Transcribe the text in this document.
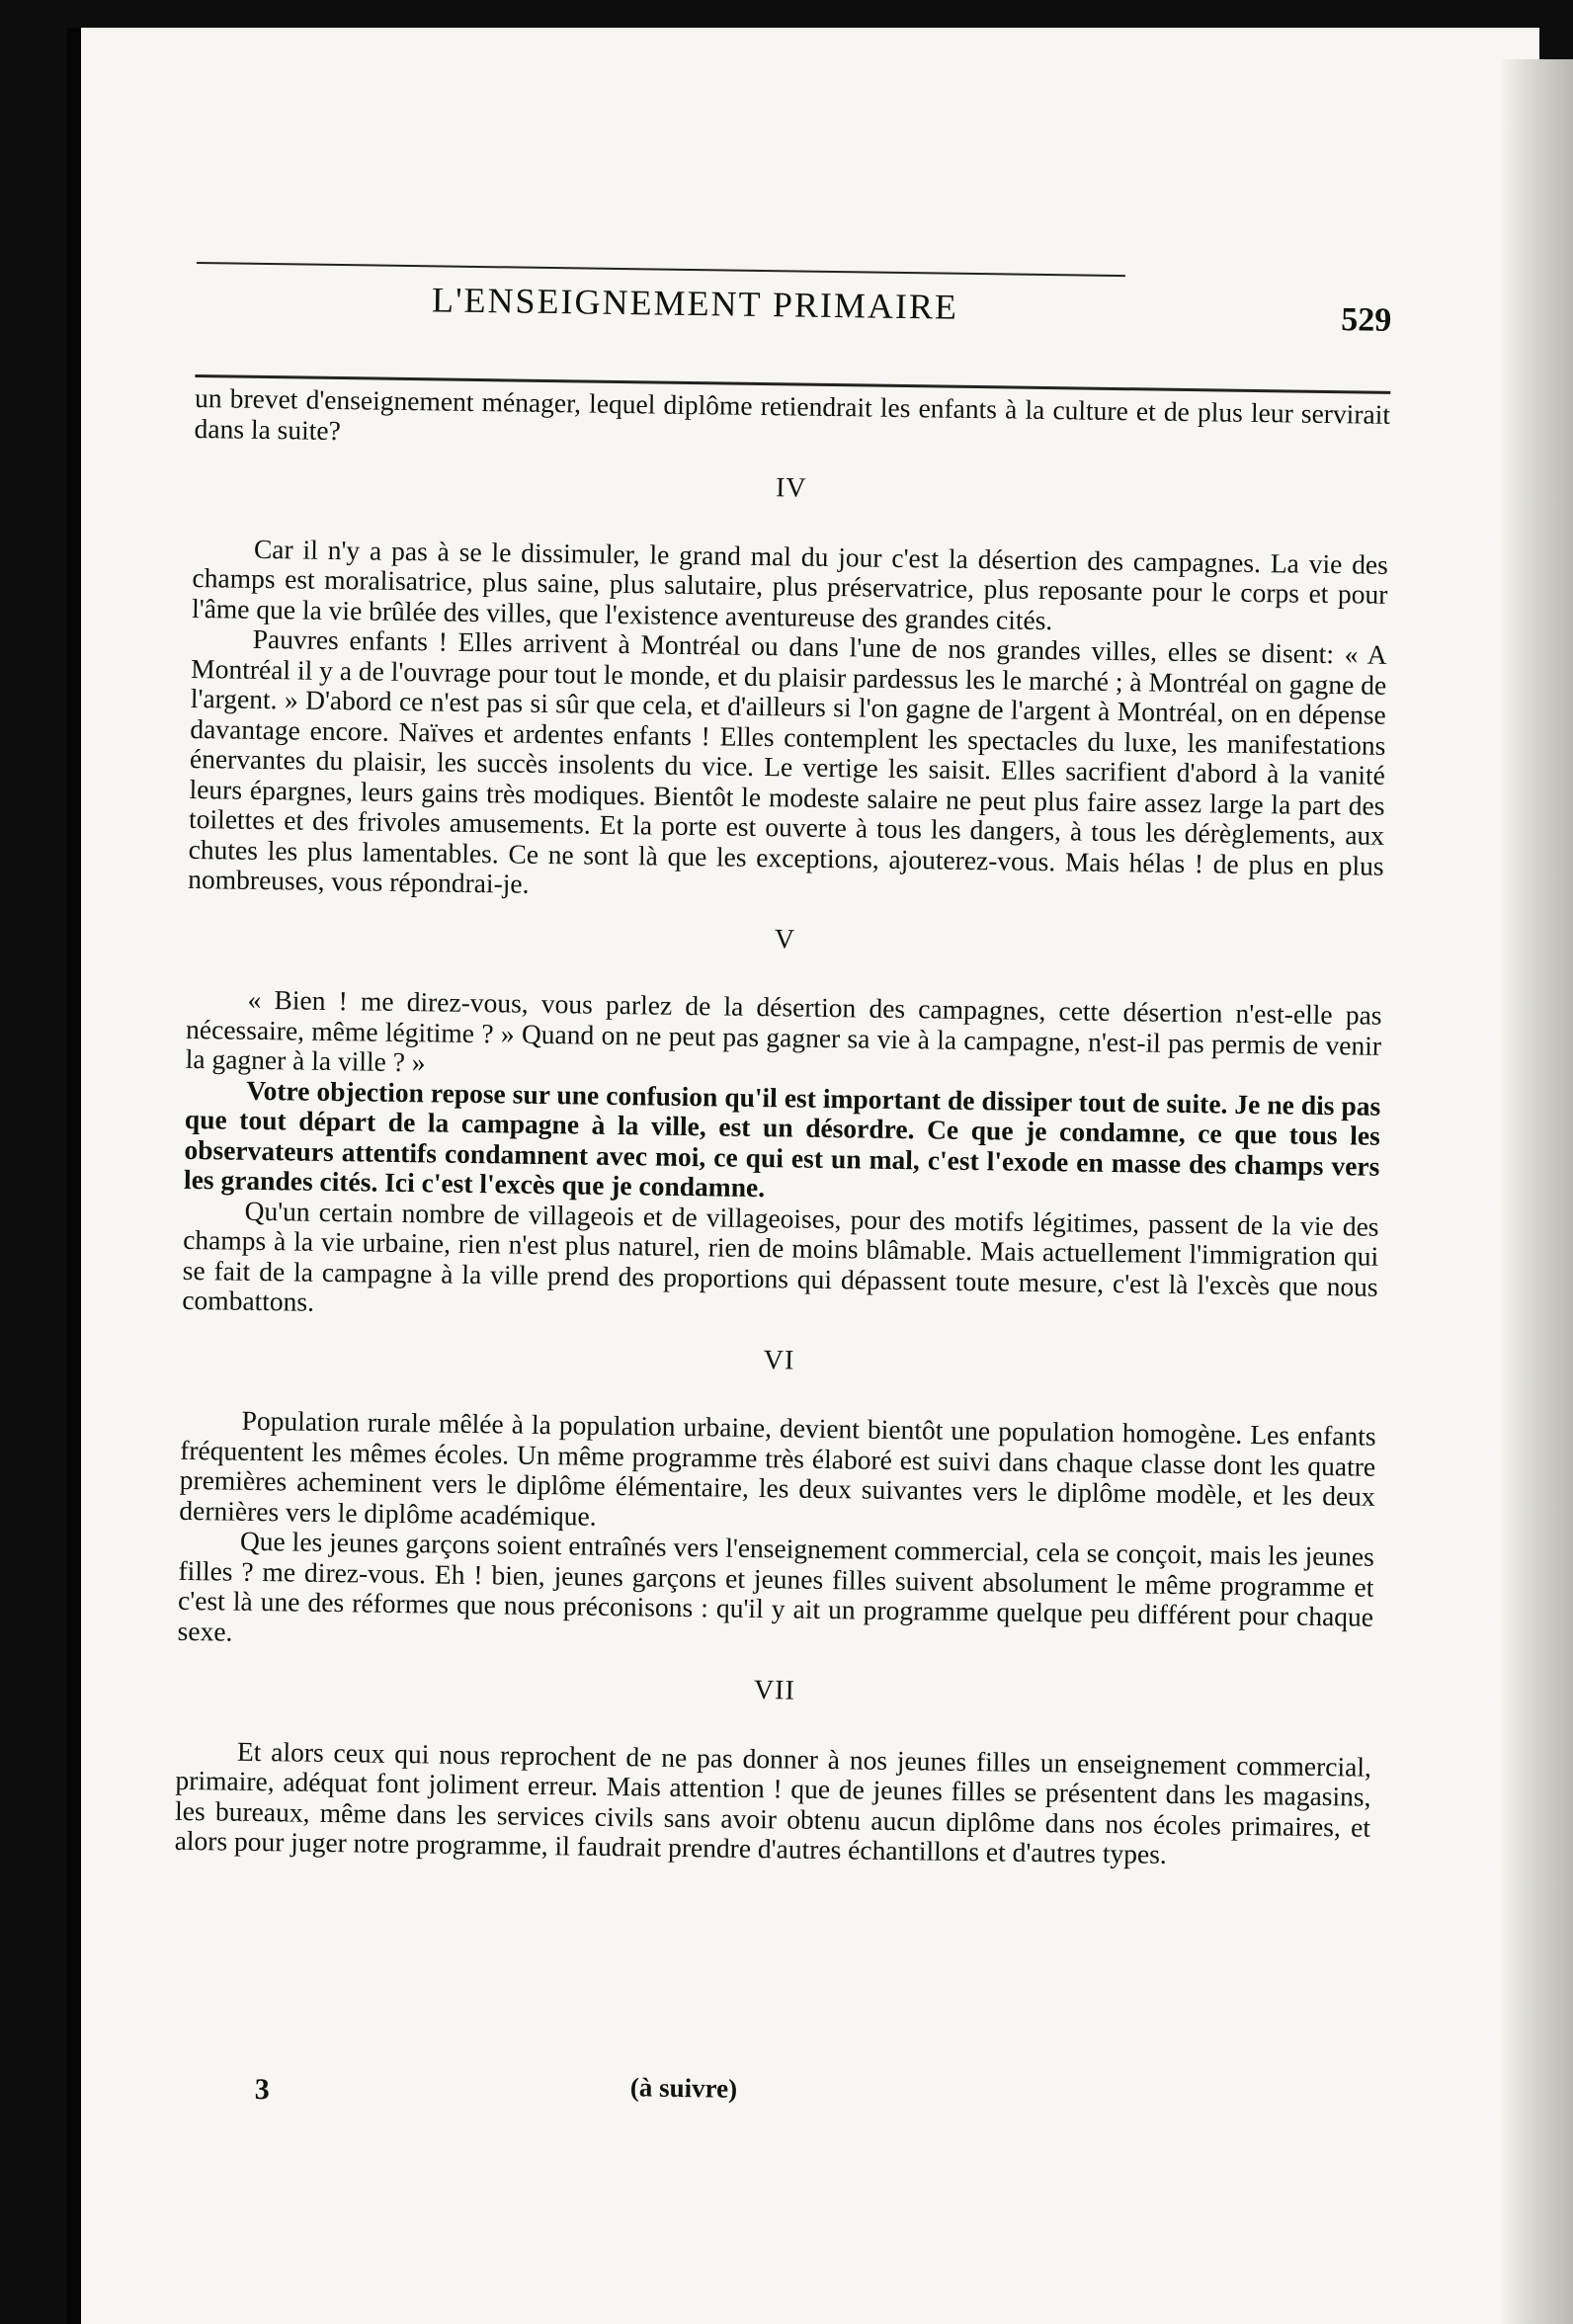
L'ENSEIGNEMENT PRIMAIRE	529

un brevet d'enseignement ménager, lequel diplôme retiendrait les enfants à la culture et de plus leur servirait dans la suite?

IV

Car il n'y a pas à se le dissimuler, le grand mal du jour c'est la désertion des campagnes. La vie des champs est moralisatrice, plus saine, plus salutaire, plus préservatrice, plus reposante pour le corps et pour l'âme que la vie brûlée des villes, que l'existence aventureuse des grandes cités.

Pauvres enfants ! Elles arrivent à Montréal ou dans l'une de nos grandes villes, elles se disent: « A Montréal il y a de l'ouvrage pour tout le monde, et du plaisir pardessus les le marché ; à Montréal on gagne de l'argent. » D'abord ce n'est pas si sûr que cela, et d'ailleurs si l'on gagne de l'argent à Montréal, on en dépense davantage encore. Naïves et ardentes enfants ! Elles contemplent les spectacles du luxe, les manifestations énervantes du plaisir, les succès insolents du vice. Le vertige les saisit. Elles sacrifient d'abord à la vanité leurs épargnes, leurs gains très modiques. Bientôt le modeste salaire ne peut plus faire assez large la part des toilettes et des frivoles amusements. Et la porte est ouverte à tous les dangers, à tous les dérèglements, aux chutes les plus lamentables. Ce ne sont là que les exceptions, ajouterez-vous. Mais hélas ! de plus en plus nombreuses, vous répondrai-je.

V

« Bien ! me direz-vous, vous parlez de la désertion des campagnes, cette désertion n'est-elle pas nécessaire, même légitime ? » Quand on ne peut pas gagner sa vie à la campagne, n'est-il pas permis de venir la gagner à la ville ? »

Votre objection repose sur une confusion qu'il est important de dissiper tout de suite. Je ne dis pas que tout départ de la campagne à la ville, est un désordre. Ce que je condamne, ce que tous les observateurs attentifs condamnent avec moi, ce qui est un mal, c'est l'exode en masse des champs vers les grandes cités. Ici c'est l'excès que je condamne.

Qu'un certain nombre de villageois et de villageoises, pour des motifs légitimes, passent de la vie des champs à la vie urbaine, rien n'est plus naturel, rien de moins blâmable. Mais actuellement l'immigration qui se fait de la campagne à la ville prend des proportions qui dépassent toute mesure, c'est là l'excès que nous combattons.

VI

Population rurale mêlée à la population urbaine, devient bientôt une population homogène. Les enfants fréquentent les mêmes écoles. Un même programme très élaboré est suivi dans chaque classe dont les quatre premières acheminent vers le diplôme élémentaire, les deux suivantes vers le diplôme modèle, et les deux dernières vers le diplôme académique.

Que les jeunes garçons soient entraînés vers l'enseignement commercial, cela se conçoit, mais les jeunes filles ? me direz-vous. Eh ! bien, jeunes garçons et jeunes filles suivent absolument le même programme et c'est là une des réformes que nous préconisons : qu'il y ait un programme quelque peu différent pour chaque sexe.

VII

Et alors ceux qui nous reprochent de ne pas donner à nos jeunes filles un enseignement commercial, primaire, adéquat font joliment erreur. Mais attention ! que de jeunes filles se présentent dans les magasins, les bureaux, même dans les services civils sans avoir obtenu aucun diplôme dans nos écoles primaires, et alors pour juger notre programme, il faudrait prendre d'autres échantillons et d'autres types.

3	(à suivre)
